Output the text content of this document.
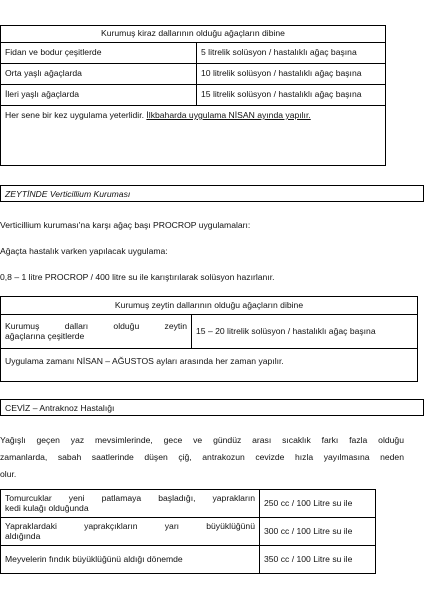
Kurumuş kiraz dallarının olduğu ağaçların dibine	
Fidan ve bodur çeşitlerde	5 litrelik solüsyon / hastalıklı ağaç başına
Orta yaşlı ağaçlarda	10 litrelik solüsyon / hastalıklı ağaç başına
İleri yaşlı ağaçlarda	15 litrelik solüsyon / hastalıklı ağaç başına
Her sene bir kez uygulama yeterlidir. İlkbaharda uygulama NİSAN ayında yapılır.
ZEYTİNDE Verticillium Kuruması
Verticillium kuruması'na karşı ağaç başı PROCROP uygulamaları:
Ağaçta hastalık varken yapılacak uygulama:
0,8 – 1 litre PROCROP / 400 litre su ile karıştırılarak solüsyon hazırlanır.
Kurumuş zeytin dallarının olduğu ağaçların dibine

Kurumuş dalları olduğu zeytin
ağaçlarına çeşitlerde	15 – 20 litrelik solüsyon / hastalıklı ağaç başına
Uygulama zamanı NİSAN – AĞUSTOS ayları arasında her zaman yapılır.
CEVİZ – Antraknoz Hastalığı
Yağışlı geçen yaz mevsimlerinde, gece ve gündüz arası sıcaklık farkı fazla olduğu
zamanlarda, sabah saatlerinde düşen çiğ, antrakozun cevizde hızla yayılmasına neden
olur.
Tomurcuklar yeni patlamaya başladığı, yaprakların
kedi kulağı olduğunda	250 cc / 100 Litre su ile

Yapraklardaki yaprakçıkların yarı büyüklüğünü
aldığında	300 cc / 100 Litre su ile

Meyvelerin fındık büyüklüğünü aldığı dönemde	350 cc / 100 Litre su ile
